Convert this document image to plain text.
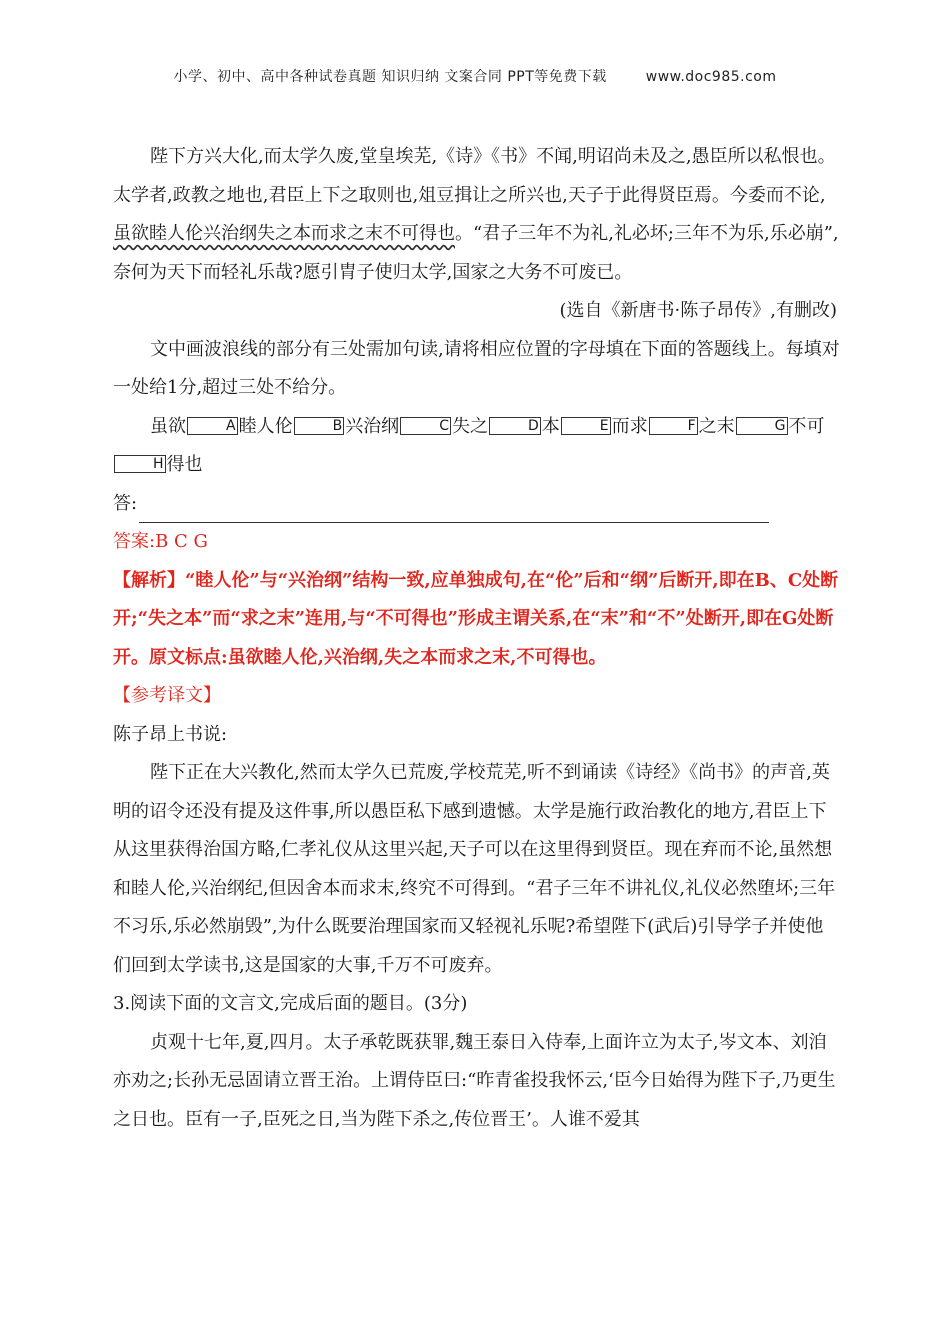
小学、初中、高中各种试卷真题 知识归纳 文案合同 PPT等免费下载	www.doc985.com

陛下方兴大化,而太学久废,堂皇埃芜,《诗》《书》不闻,明诏尚未及之,愚臣所以私恨也。太学者,政教之地也,君臣上下之取则也,俎豆揖让之所兴也,天子于此得贤臣焉。今委而不论,虽欲睦人伦兴治纲失之本而求之末不可得也。“君子三年不为礼,礼必坏;三年不为乐,乐必崩”,奈何为天下而轻礼乐哉?愿引胄子使归太学,国家之大务不可废已。

(选自《新唐书·陈子昂传》,有删改)

文中画波浪线的部分有三处需加句读,请将相应位置的字母填在下面的答题线上。每填对一处给1分,超过三处不给分。

虽欲	A 睦人伦	B 兴治纲	C 失之	D 本	E 而求	F 之末	G 不可H 得也

答:

答案:B C G

【解析】“睦人伦”与“兴治纲”结构一致,应单独成句,在“伦”后和“纲”后断开,即在B、C处断开;“失之本”而“求之末”连用,与“不可得也”形成主谓关系,在“末”和“不”处断开,即在G处断开。原文标点:虽欲睦人伦,兴治纲,失之本而求之末,不可得也。

【参考译文】

陈子昂上书说:

陛下正在大兴教化,然而太学久已荒废,学校荒芜,听不到诵读《诗经》《尚书》的声音,英明的诏令还没有提及这件事,所以愚臣私下感到遗憾。太学是施行政治教化的地方,君臣上下从这里获得治国方略,仁孝礼仪从这里兴起,天子可以在这里得到贤臣。现在弃而不论,虽然想和睦人伦,兴治纲纪,但因舍本而求末,终究不可得到。“君子三年不讲礼仪,礼仪必然堕坏;三年不习乐,乐必然崩毁”,为什么既要治理国家而又轻视礼乐呢?希望陛下(武后)引导学子并使他们回到太学读书,这是国家的大事,千万不可废弃。

3.阅读下面的文言文,完成后面的题目。(3分)

贞观十七年,夏,四月。太子承乾既获罪,魏王泰日入侍奉,上面许立为太子,岑文本、刘洎亦劝之;长孙无忌固请立晋王治。上谓侍臣曰:“昨青雀投我怀云,‘臣今日始得为陛下子,乃更生之日也。臣有一子,臣死之日,当为陛下杀之,传位晋王’。人谁不爱其
